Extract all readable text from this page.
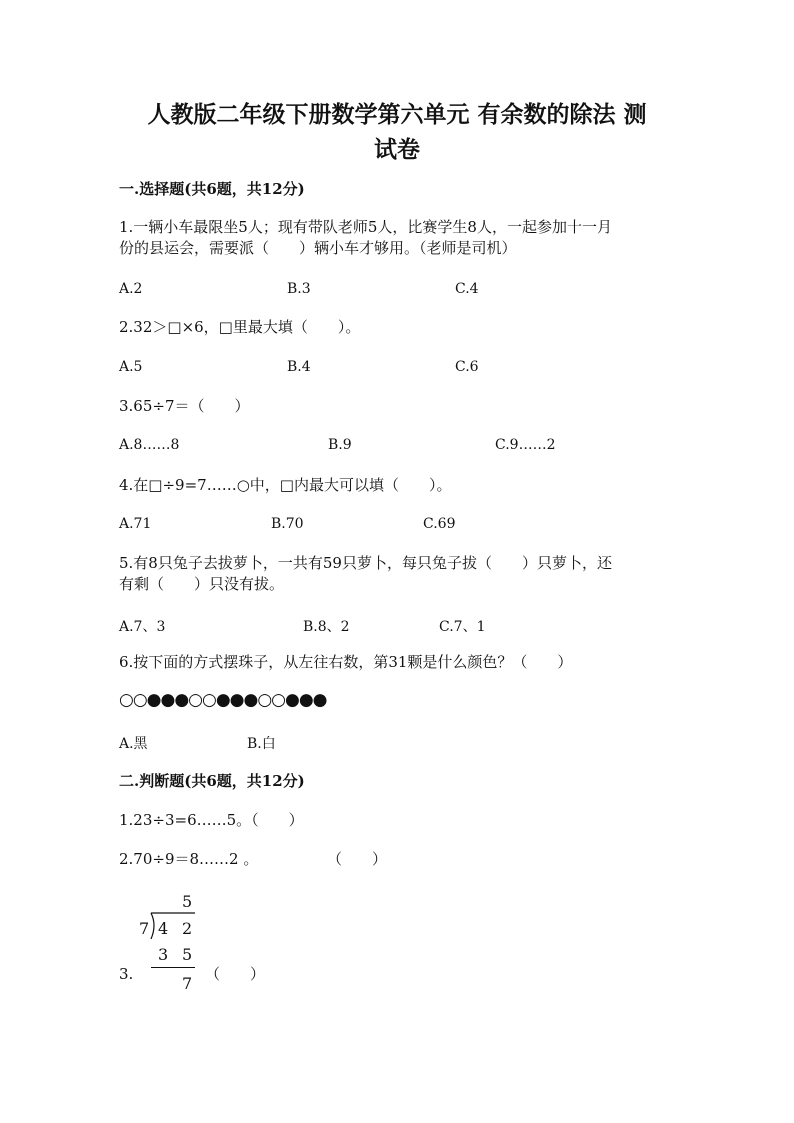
人教版二年级下册数学第六单元 有余数的除法 测
试卷
一.选择题(共6题，共12分)
1.一辆小车最限坐5人；现有带队老师5人，比赛学生8人，一起参加十一月
份的县运会，需要派（　　）辆小车才够用。（老师是司机）
A.2	B.3	C.4
2.32＞□×6，□里最大填（　　）。
A.5	B.4	C.6
3.65÷7＝（　　）
A.8……8	B.9	C.9……2
4.在□÷9=7……○中，□内最大可以填（　　）。
A.71	B.70	C.69
5.有8只兔子去拔萝卜，一共有59只萝卜，每只兔子拔（　　）只萝卜，还
有剩（　　）只没有拔。
A.7、3	B.8、2	C.7、1
6.按下面的方式摆珠子，从左往右数，第31颗是什么颜色？（　　）
○○●●●○○●●●○○●●●
A.黑	B.白
二.判断题(共6题，共12分)
1.23÷3=6……5。（　　）
2.70÷9＝8……2 。	（　　）
5
7 4 2
3 5
7
3.	（　　）
